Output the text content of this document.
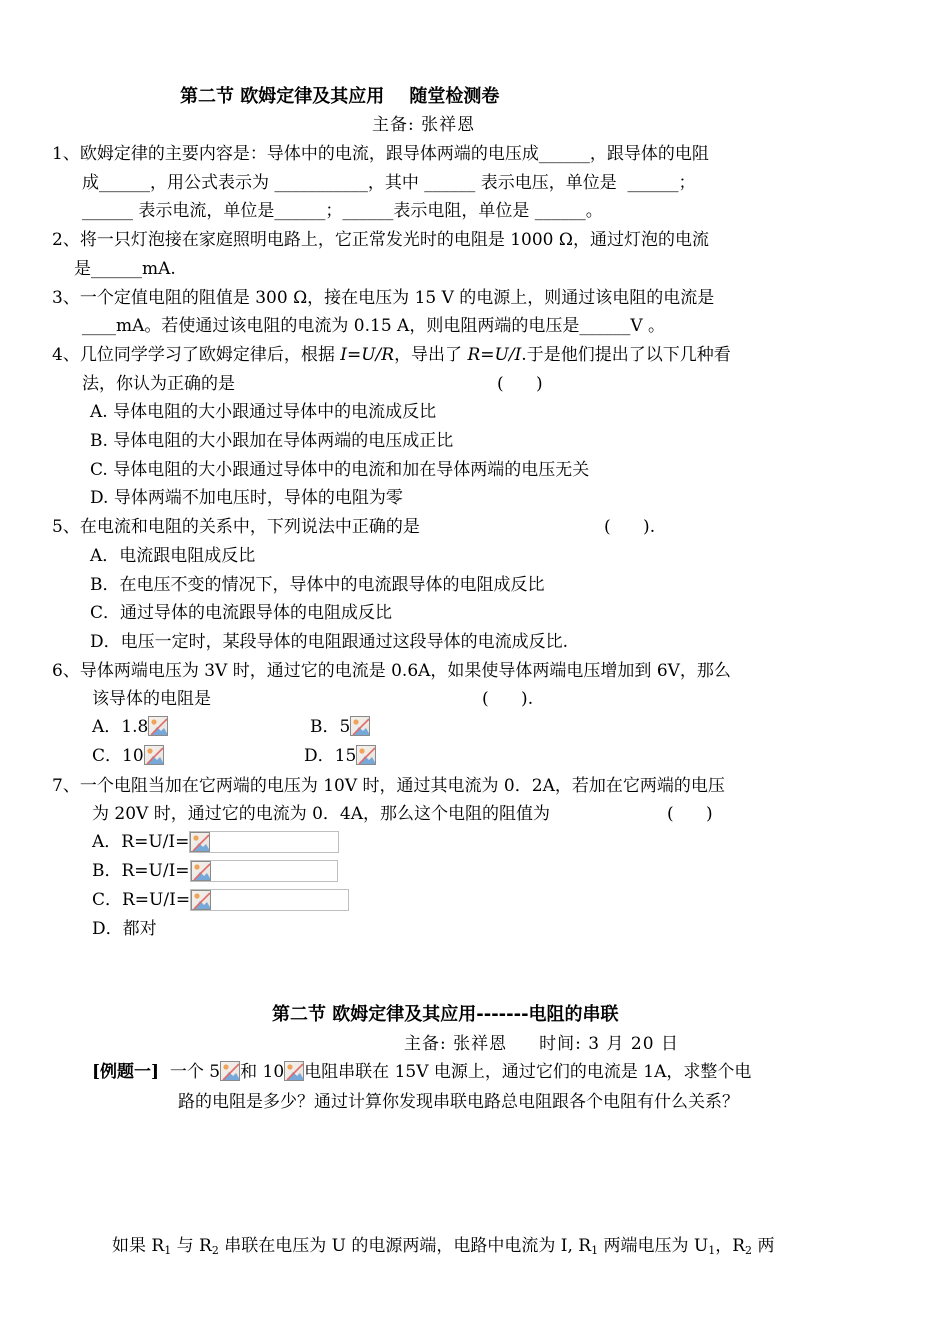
第二节 欧姆定律及其应用    随堂检测卷
主备: 张祥恩
1、欧姆定律的主要内容是：导体中的电流，跟导体两端的电压成______，跟导体的电阻
成______，用公式表示为 ___________，其中 ______ 表示电压，单位是  ______；
______ 表示电流，单位是______；______表示电阻，单位是 ______。
2、将一只灯泡接在家庭照明电路上，它正常发光时的电阻是 1000 Ω，通过灯泡的电流
是______mA.
3、一个定值电阻的阻值是 300 Ω，接在电压为 15 V 的电源上，则通过该电阻的电流是
____mA。若使通过该电阻的电流为 0.15 A，则电阻两端的电压是______V 。
4、几位同学学习了欧姆定律后，根据 I=U/R，导出了 R=U/I.于是他们提出了以下几种看
法，你认为正确的是	(      )
A. 导体电阻的大小跟通过导体中的电流成反比
B. 导体电阻的大小跟加在导体两端的电压成正比
C. 导体电阻的大小跟通过导体中的电流和加在导体两端的电压无关
D. 导体两端不加电压时，导体的电阻为零
5、在电流和电阻的关系中，下列说法中正确的是	(      ).
A．电流跟电阻成反比
B．在电压不变的情况下，导体中的电流跟导体的电阻成反比
C．通过导体的电流跟导体的电阻成反比
D．电压一定时，某段导体的电阻跟通过这段导体的电流成反比.
6、导体两端电压为 3V 时，通过它的电流是 0.6A，如果使导体两端电压增加到 6V，那么
该导体的电阻是	(      ).
A．1.8	B．5
C．10	D．15
7、一个电阻当加在它两端的电压为 10V 时，通过其电流为 0．2A，若加在它两端的电压
为 20V 时，通过它的电流为 0．4A，那么这个电阻的阻值为	(      )
A．R=U/I=
B．R=U/I=
C．R=U/I=
D．都对
第二节 欧姆定律及其应用-------电阻的串联
主备: 张祥恩     时间: 3 月 20 日
[例题一] 一个 5 和 10 电阻串联在 15V 电源上，通过它们的电流是 1A，求整个电
路的电阻是多少？通过计算你发现串联电路总电阻跟各个电阻有什么关系？
如果 $R_1$ 与 $R_2$ 串联在电压为 U 的电源两端，电路中电流为 I, $R_1$ 两端电压为 $U_1$，$R_2$ 两
